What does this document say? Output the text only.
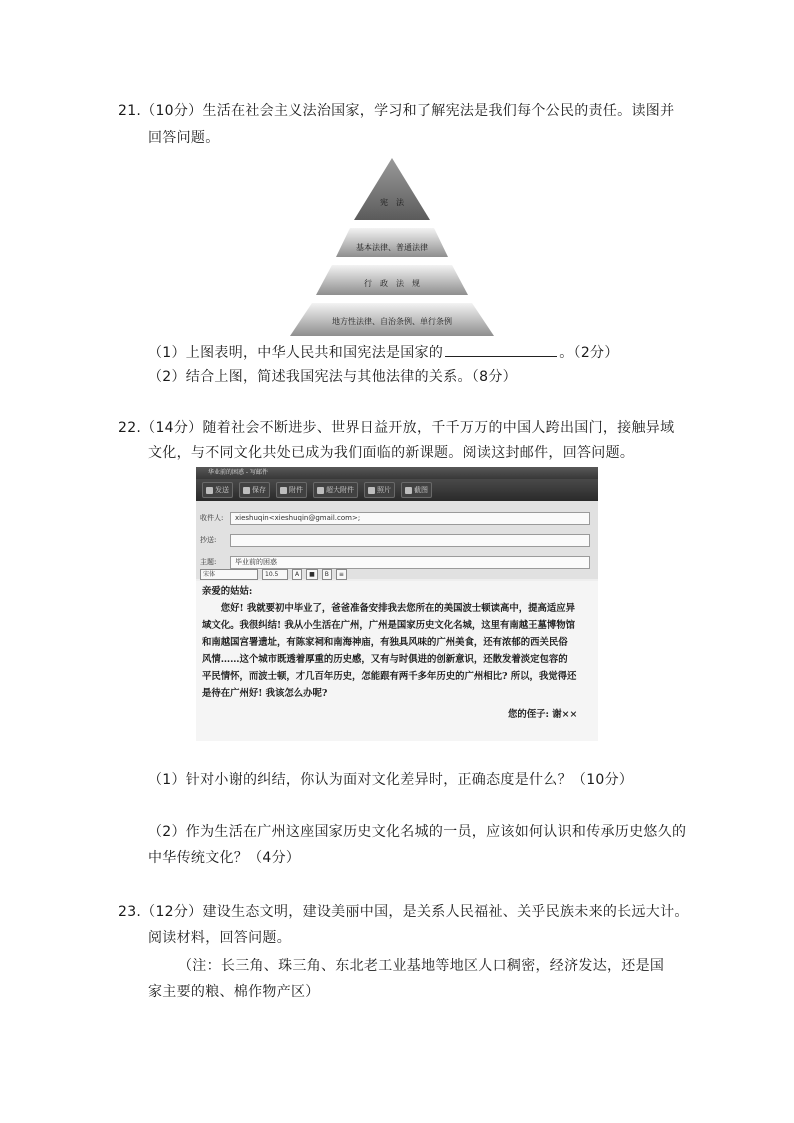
21.（10分）生活在社会主义法治国家，学习和了解宪法是我们每个公民的责任。读图并
回答问题。
宪　法
基本法律、普通法律
行　政　法　规
地方性法律、自治条例、单行条例
（1）上图表明，中华人民共和国宪法是国家的	。（2分）
（2）结合上图，简述我国宪法与其他法律的关系。（8分）
22.（14分）随着社会不断进步、世界日益开放，千千万万的中国人跨出国门，接触异域
文化，与不同文化共处已成为我们面临的新课题。阅读这封邮件，回答问题。
华业前的困惑 - 写邮件
发送	保存	附件	超大附件	照片	截图
收件人:	xieshuqin<xieshuqin@gmail.com>;
抄送:
主题:	毕业前的困惑
宋体	10.5	A	■	B	≡
亲爱的姑姑:
　　您好! 我就要初中毕业了，爸爸准备安排我去您所在的美国波士顿读高中，提高适应异
域文化。我很纠结! 我从小生活在广州，广州是国家历史文化名城，这里有南越王墓博物馆
和南越国宫署遗址，有陈家祠和南海神庙，有独具风味的广州美食，还有浓郁的西关民俗
风情……这个城市既透着厚重的历史感，又有与时俱进的创新意识，还散发着淡定包容的
平民情怀，而波士顿，才几百年历史，怎能跟有两千多年历史的广州相比? 所以，我觉得还
是待在广州好! 我该怎么办呢?
您的侄子: 谢××
（1）针对小谢的纠结，你认为面对文化差异时，正确态度是什么？（10分）
（2）作为生活在广州这座国家历史文化名城的一员，应该如何认识和传承历史悠久的
中华传统文化？（4分）
23.（12分）建设生态文明，建设美丽中国，是关系人民福祉、关乎民族未来的长远大计。
阅读材料，回答问题。
（注：长三角、珠三角、东北老工业基地等地区人口稠密，经济发达，还是国
家主要的粮、棉作物产区）
